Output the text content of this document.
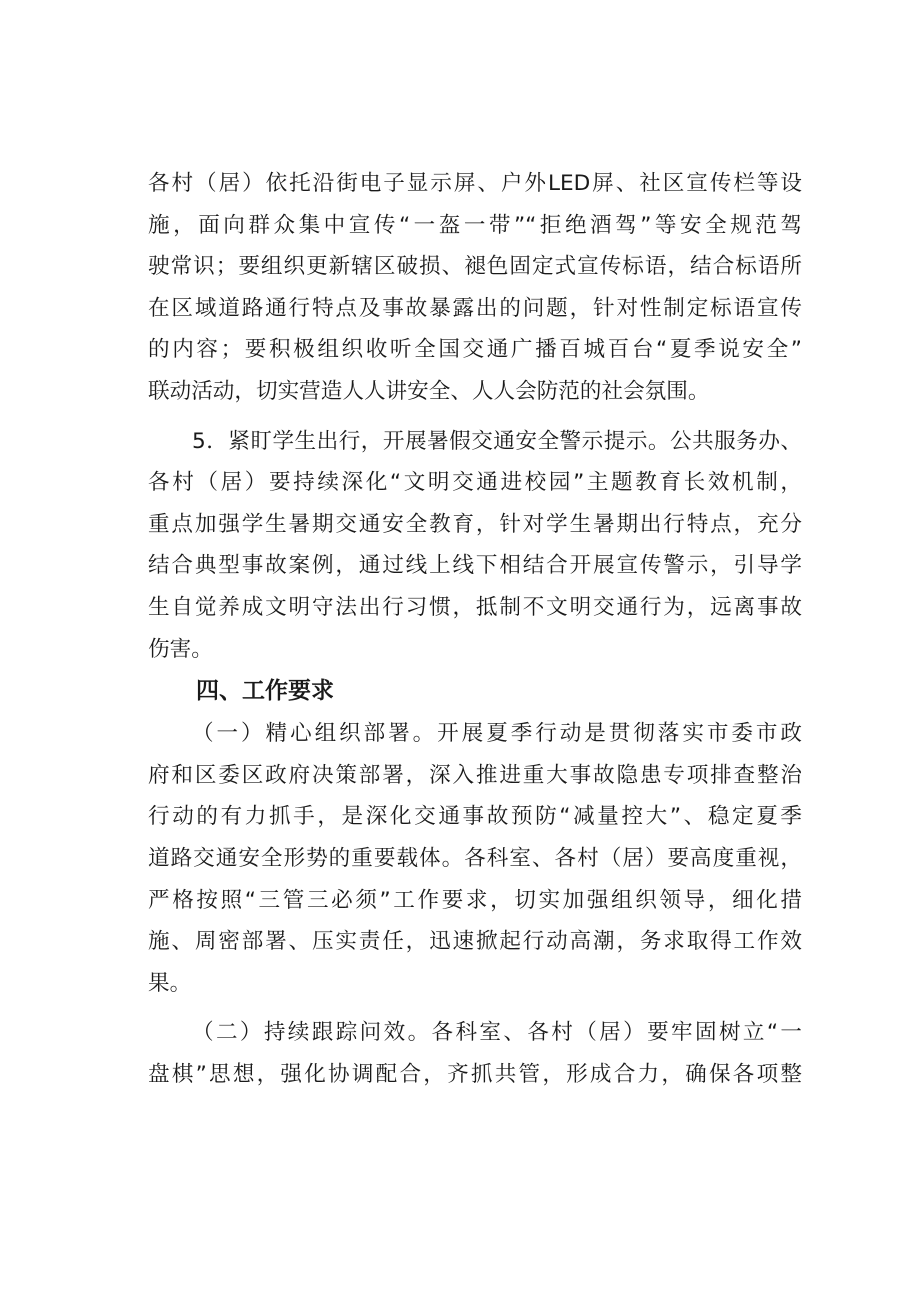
各村（居）依托沿街电子显示屏、户外LED屏、社区宣传栏等设
施，面向群众集中宣传“一盔一带”“拒绝酒驾”等安全规范驾
驶常识；要组织更新辖区破损、褪色固定式宣传标语，结合标语所
在区域道路通行特点及事故暴露出的问题，针对性制定标语宣传
的内容；要积极组织收听全国交通广播百城百台“夏季说安全”
联动活动，切实营造人人讲安全、人人会防范的社会氛围。
5．紧盯学生出行，开展暑假交通安全警示提示。公共服务办、
各村（居）要持续深化“文明交通进校园”主题教育长效机制，
重点加强学生暑期交通安全教育，针对学生暑期出行特点，充分
结合典型事故案例，通过线上线下相结合开展宣传警示，引导学
生自觉养成文明守法出行习惯，抵制不文明交通行为，远离事故
伤害。
四、工作要求
（一）精心组织部署。开展夏季行动是贯彻落实市委市政
府和区委区政府决策部署，深入推进重大事故隐患专项排查整治
行动的有力抓手，是深化交通事故预防“减量控大”、稳定夏季
道路交通安全形势的重要载体。各科室、各村（居）要高度重视，
严格按照“三管三必须”工作要求，切实加强组织领导，细化措
施、周密部署、压实责任，迅速掀起行动高潮，务求取得工作效
果。
（二）持续跟踪问效。各科室、各村（居）要牢固树立“一
盘棋”思想，强化协调配合，齐抓共管，形成合力，确保各项整
